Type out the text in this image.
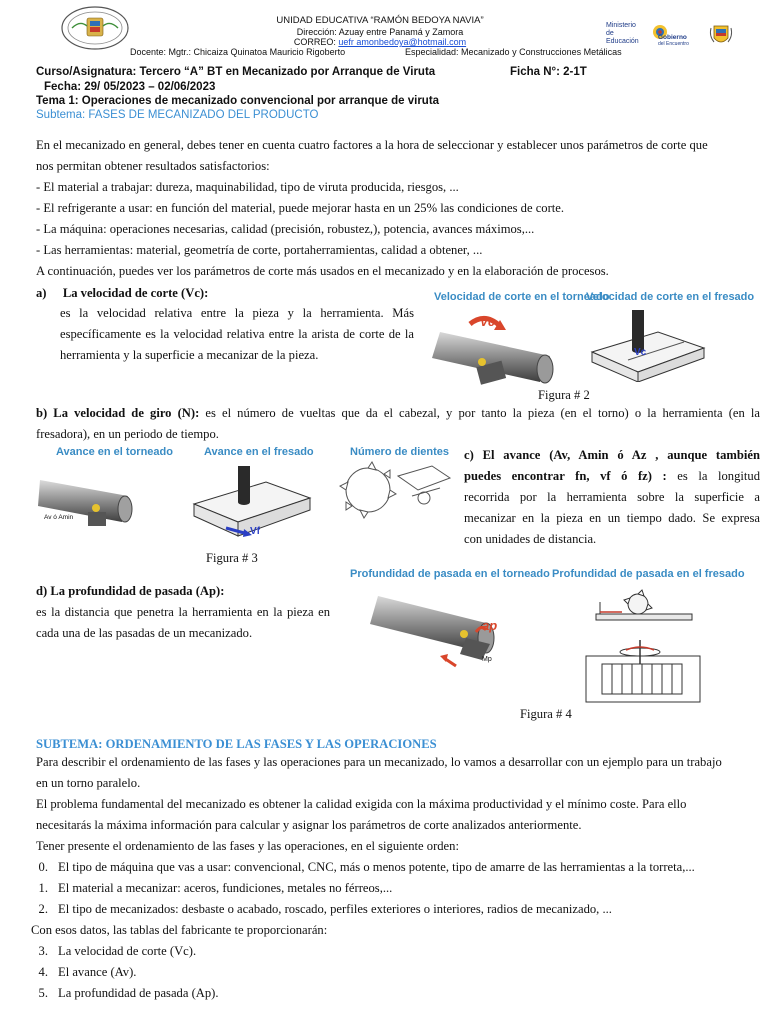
UNIDAD EDUCATIVA “RAMÓN BEDOYA NAVIA”
Dirección: Azuay entre Panamá y Zamora
CORREO: uefr amonbedoya@hotmail.com
Docente: Mgtr.: Chicaiza Quinatoa Mauricio Rigoberto	Especialidad: Mecanizado y Construcciones Metálicas
Ministerio
de Educación
Gobierno
del Encuentro
Curso/Asignatura: Tercero “A” BT en Mecanizado por Arranque de Viruta	Ficha N°: 2-1T
Fecha: 29/ 05/2023 – 02/06/2023
Tema 1: Operaciones de mecanizado convencional por arranque de viruta
Subtema: FASES DE MECANIZADO DEL PRODUCTO
En el mecanizado en general, debes tener en cuenta cuatro factores a la hora de seleccionar y establecer unos parámetros de corte que
nos permitan obtener resultados satisfactorios:
- El material a trabajar: dureza, maquinabilidad, tipo de viruta producida, riesgos, ...
- El refrigerante a usar: en función del material, puede mejorar hasta en un 25% las condiciones de corte.
- La máquina: operaciones necesarias, calidad (precisión, robustez,), potencia, avances máximos,...
- Las herramientas: material, geometría de corte, portaherramientas, calidad a obtener, ...
A continuación, puedes ver los parámetros de corte más usados en el mecanizado y en la elaboración de procesos.
a) La velocidad de corte (Vc):
es la velocidad relativa entre la pieza y la herramienta. Más
específicamente es la velocidad relativa entre la arista de corte de la
herramienta y la superficie a mecanizar de la pieza.
Velocidad de corte en el torneado
Velocidad de corte en el fresado
Vc
Vc
Figura # 2
b) La velocidad de giro (N): es el número de vueltas que da el cabezal, y por tanto la pieza (en el torno) o la herramienta (en la
fresadora), en un periodo de tiempo.
Avance en el torneado	Avance en el fresado	Número de dientes
Av ó Amin
Vf
Figura # 3
c) El avance (Av, Amin ó Az , aunque también
puedes encontrar fn, vf ó fz) : es la longitud
recorrida por la herramienta sobre la superficie a
mecanizar en la pieza en un tiempo dado. Se expresa
con unidades de distancia.
d) La profundidad de pasada (Ap):
es la distancia que penetra la herramienta en la pieza en
cada una de las pasadas de un mecanizado.
Profundidad de pasada en el torneado Profundidad de pasada en el fresado
ap
Mp
Figura # 4
SUBTEMA: ORDENAMIENTO DE LAS FASES Y LAS OPERACIONES
Para describir el ordenamiento de las fases y las operaciones para un mecanizado, lo vamos a desarrollar con un ejemplo para un trabajo
en un torno paralelo.
El problema fundamental del mecanizado es obtener la calidad exigida con la máxima productividad y el mínimo coste. Para ello
necesitarás la máxima información para calcular y asignar los parámetros de corte analizados anteriormente.
Tener presente el ordenamiento de las fases y las operaciones, en el siguiente orden:
0. El tipo de máquina que vas a usar: convencional, CNC, más o menos potente, tipo de amarre de las herramientas a la torreta,...
1. El material a mecanizar: aceros, fundiciones, metales no férreos,...
2. El tipo de mecanizados: desbaste o acabado, roscado, perfiles exteriores o interiores, radios de mecanizado, ...
Con esos datos, las tablas del fabricante te proporcionarán:
3. La velocidad de corte (Vc).
4. El avance (Av).
5. La profundidad de pasada (Ap).
